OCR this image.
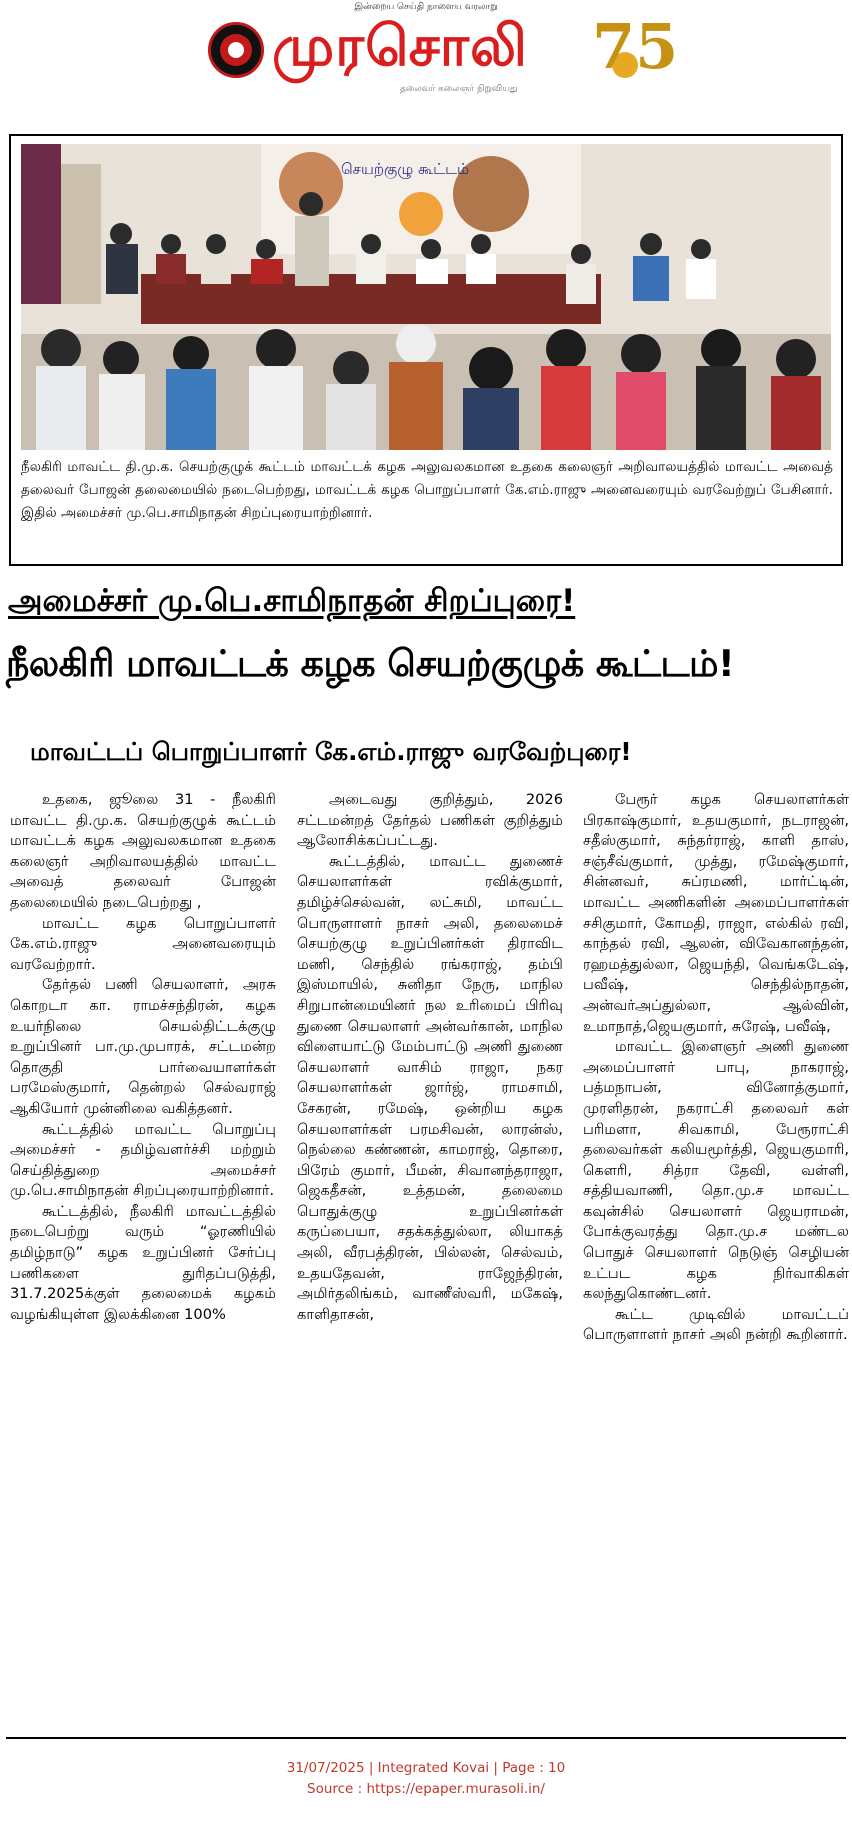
இன்றைய செய்தி நாளைய வரலாறு
முரசொலி
தலைவர் கலைஞர் நிறுவியது
75
செயற்குழு கூட்டம்
நீலகிரி மாவட்ட தி.மு.க. செயற்குழுக் கூட்டம் மாவட்டக் கழக அலுவலகமான உதகை கலைஞர் அறிவாலயத்தில் மாவட்ட அவைத் தலைவர் போஜன் தலைமையில் நடைபெற்றது, மாவட்டக் கழக பொறுப்பாளர் கே.எம்.ராஜு அனைவரையும் வரவேற்றுப் பேசினார். இதில் அமைச்சர் மு.பெ.சாமிநாதன் சிறப்புரையாற்றினார்.
அமைச்சர் மு.பெ.சாமிநாதன் சிறப்புரை!
நீலகிரி மாவட்டக் கழக செயற்குழுக் கூட்டம்!
மாவட்டப் பொறுப்பாளர் கே.எம்.ராஜு வரவேற்புரை!

உதகை, ஜூலை 31 - நீலகிரி மாவட்ட தி.மு.க. செயற்குழுக் கூட்டம் மாவட்டக் கழக அலுவலகமான உதகை கலைஞர் அறிவாலயத்தில் மாவட்ட அவைத் தலைவர் போஜன் தலைமையில் நடைபெற்றது ,

மாவட்ட கழக பொறுப்பாளர் கே.எம்.ராஜு அனைவரையும் வரவேற்றார்.

தேர்தல் பணி செயலாளர், அரசு கொறடா கா. ராமச்சந்திரன், கழக உயர்நிலை செயல்திட்டக்குழு உறுப்பினர் பா.மு.முபாரக், சட்டமன்ற தொகுதி பார்வையாளர்கள் பரமேஸ்குமார், தென்றல் செல்வராஜ் ஆகியோர் முன்னிலை வகித்தனர்.

கூட்டத்தில் மாவட்ட பொறுப்பு அமைச்சர் - தமிழ்வளர்ச்சி மற்றும் செய்தித்துறை அமைச்சர் மு.பெ.சாமிநாதன் சிறப்புரையாற்றினார்.

கூட்டத்தில், நீலகிரி மாவட்டத்தில் நடைபெற்று வரும் “ஓரணியில் தமிழ்நாடு” கழக உறுப்பினர் சேர்ப்பு பணிகளை துரிதப்படுத்தி, 31.7.2025க்குள் தலைமைக் கழகம் வழங்கியுள்ள இலக்கினை 100%

அடைவது குறித்தும், 2026 சட்டமன்றத் தேர்தல் பணிகள் குறித்தும் ஆலோசிக்கப்பட்டது.

கூட்டத்தில், மாவட்ட துணைச் செயலாளர்கள் ரவிக்குமார், தமிழ்ச்செல்வன், லட்சுமி, மாவட்ட பொருளாளர் நாசர் அலி, தலைமைச் செயற்குழு உறுப்பினர்கள் திராவிட மணி, செந்தில் ரங்கராஜ், தம்பி இஸ்மாயில், சுனிதா நேரு, மாநில சிறுபான்மையினர் நல உரிமைப் பிரிவு துணை செயலாளர் அன்வர்கான், மாநில விளையாட்டு மேம்பாட்டு அணி துணை செயலாளர் வாசிம் ராஜா, நகர செயலாளர்கள் ஜார்ஜ், ராமசாமி, சேகரன், ரமேஷ், ஒன்றிய கழக செயலாளர்கள் பரமசிவன், லாரன்ஸ், நெல்லை கண்ணன், காமராஜ், தொரை, பிரேம் குமார், பீமன், சிவானந்தராஜா, ஜெகதீசன், உத்தமன், தலைமை பொதுக்குழு உறுப்பினர்கள் கருப்பையா, சதக்கத்துல்லா, லியாகத் அலி, வீரபத்திரன், பில்லன், செல்வம், உதயதேவன், ராஜேந்திரன், அமிர்தலிங்கம், வாணீஸ்வரி, மகேஷ், காளிதாசன்,

பேரூர் கழக செயலாளர்கள் பிரகாஷ்குமார், உதயகுமார், நடராஜன், சதீஸ்குமார், சுந்தர்ராஜ், காளி தாஸ், சஞ்சீவ்குமார், முத்து, ரமேஷ்குமார், சின்னவர், சுப்ரமணி, மார்ட்டின், மாவட்ட அணிகளின் அமைப்பாளர்கள் சசிகுமார், கோமதி, ராஜா, எல்கில் ரவி, காந்தல் ரவி, ஆலன், விவேகானந்தன், ரஹமத்துல்லா, ஜெயந்தி, வெங்கடேஷ், பவீஷ், செந்தில்நாதன், அன்வர்அப்துல்லா, ஆல்வின், உமாநாத்,ஜெயகுமார், சுரேஷ், பவீஷ்,

மாவட்ட இளைஞர் அணி துணை அமைப்பாளர் பாபு, நாகராஜ், பத்மநாபன், வினோத்குமார், முரளிதரன், நகராட்சி தலைவர் கள் பரிமளா, சிவகாமி, பேரூராட்சி தலைவர்கள் கலியமூர்த்தி, ஜெயகுமாரி, கௌரி, சித்ரா தேவி, வள்ளி, சத்தியவாணி, தொ.மு.ச மாவட்ட கவுன்சில் செயலாளர் ஜெயராமன், போக்குவரத்து தொ.மு.ச மண்டல பொதுச் செயலாளர் நெடுஞ் செழியன் உட்பட கழக நிர்வாகிகள் கலந்துகொண்டனர்.

கூட்ட முடிவில் மாவட்டப் பொருளாளர் நாசர் அலி நன்றி கூறினார்.

31/07/2025 | Integrated Kovai | Page : 10
Source : https://epaper.murasoli.in/
